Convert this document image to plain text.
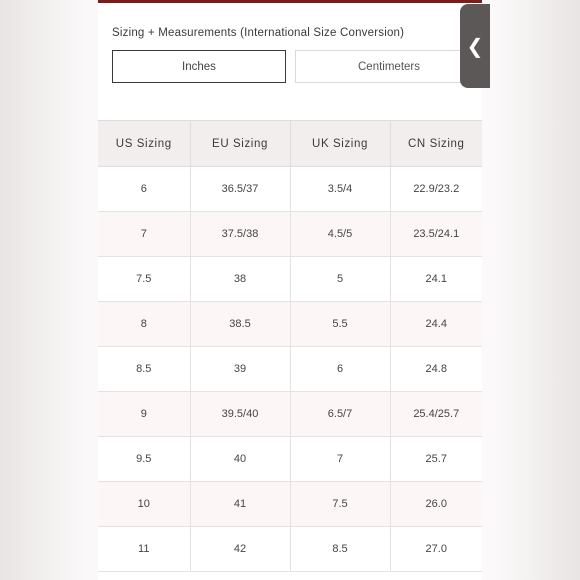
Sizing + Measurements (International Size Conversion)
Inches	Centimeters
❮
US Sizing	EU Sizing	UK Sizing	CN Sizing
6	36.5/37	3.5/4	22.9/23.2
7	37.5/38	4.5/5	23.5/24.1
7.5	38	5	24.1
8	38.5	5.5	24.4
8.5	39	6	24.8
9	39.5/40	6.5/7	25.4/25.7
9.5	40	7	25.7
10	41	7.5	26.0
11	42	8.5	27.0
